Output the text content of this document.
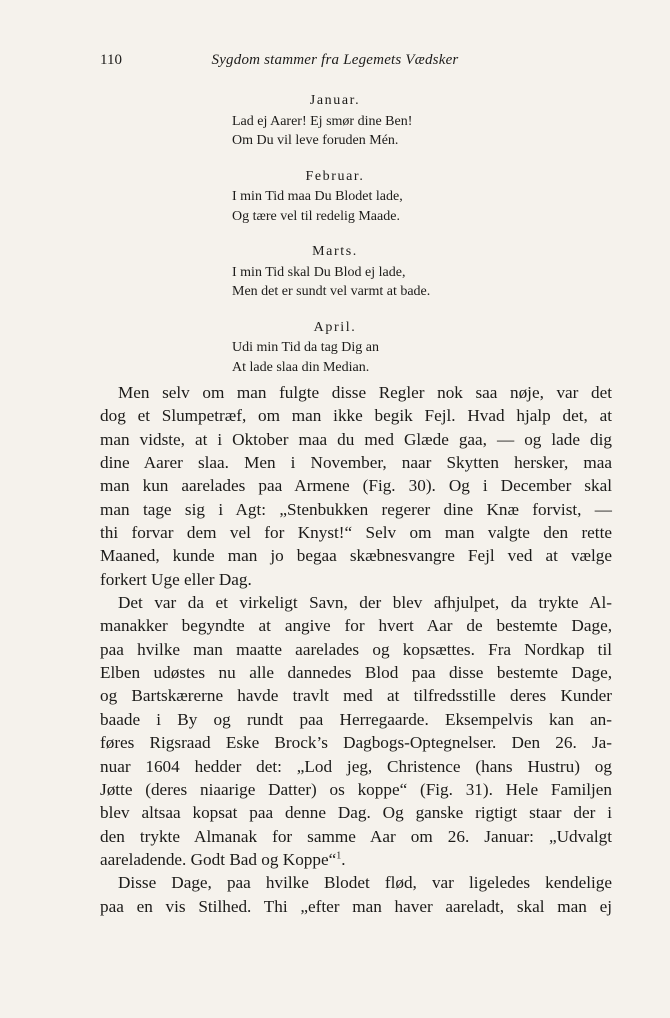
110	Sygdom stammer fra Legemets Vædsker
Januar.
Lad ej Aarer! Ej smør dine Ben!
Om Du vil leve foruden Mén.
Februar.
I min Tid maa Du Blodet lade,
Og tære vel til redelig Maade.
Marts.
I min Tid skal Du Blod ej lade,
Men det er sundt vel varmt at bade.
April.
Udi min Tid da tag Dig an
At lade slaa din Median.
Men selv om man fulgte disse Regler nok saa nøje, var det
dog et Slumpetræf, om man ikke begik Fejl. Hvad hjalp det, at
man vidste, at i Oktober maa du med Glæde gaa, — og lade dig
dine Aarer slaa. Men i November, naar Skytten hersker, maa
man kun aarelades paa Armene (Fig. 30). Og i December skal
man tage sig i Agt: „Stenbukken regerer dine Knæ forvist, —
thi forvar dem vel for Knyst!“ Selv om man valgte den rette
Maaned, kunde man jo begaa skæbnesvangre Fejl ved at vælge
forkert Uge eller Dag.
Det var da et virkeligt Savn, der blev afhjulpet, da trykte Al-
manakker begyndte at angive for hvert Aar de bestemte Dage,
paa hvilke man maatte aarelades og kopsættes. Fra Nordkap til
Elben udøstes nu alle dannedes Blod paa disse bestemte Dage,
og Bartskærerne havde travlt med at tilfredsstille deres Kunder
baade i By og rundt paa Herregaarde. Eksempelvis kan an-
føres Rigsraad Eske Brock’s Dagbogs-Optegnelser. Den 26. Ja-
nuar 1604 hedder det: „Lod jeg, Christence (hans Hustru) og
Jøtte (deres niaarige Datter) os koppe“ (Fig. 31). Hele Familjen
blev altsaa kopsat paa denne Dag. Og ganske rigtigt staar der i
den trykte Almanak for samme Aar om 26. Januar: „Udvalgt
aareladende. Godt Bad og Koppe“$^1$.
Disse Dage, paa hvilke Blodet flød, var ligeledes kendelige
paa en vis Stilhed. Thi „efter man haver aareladt, skal man ej
